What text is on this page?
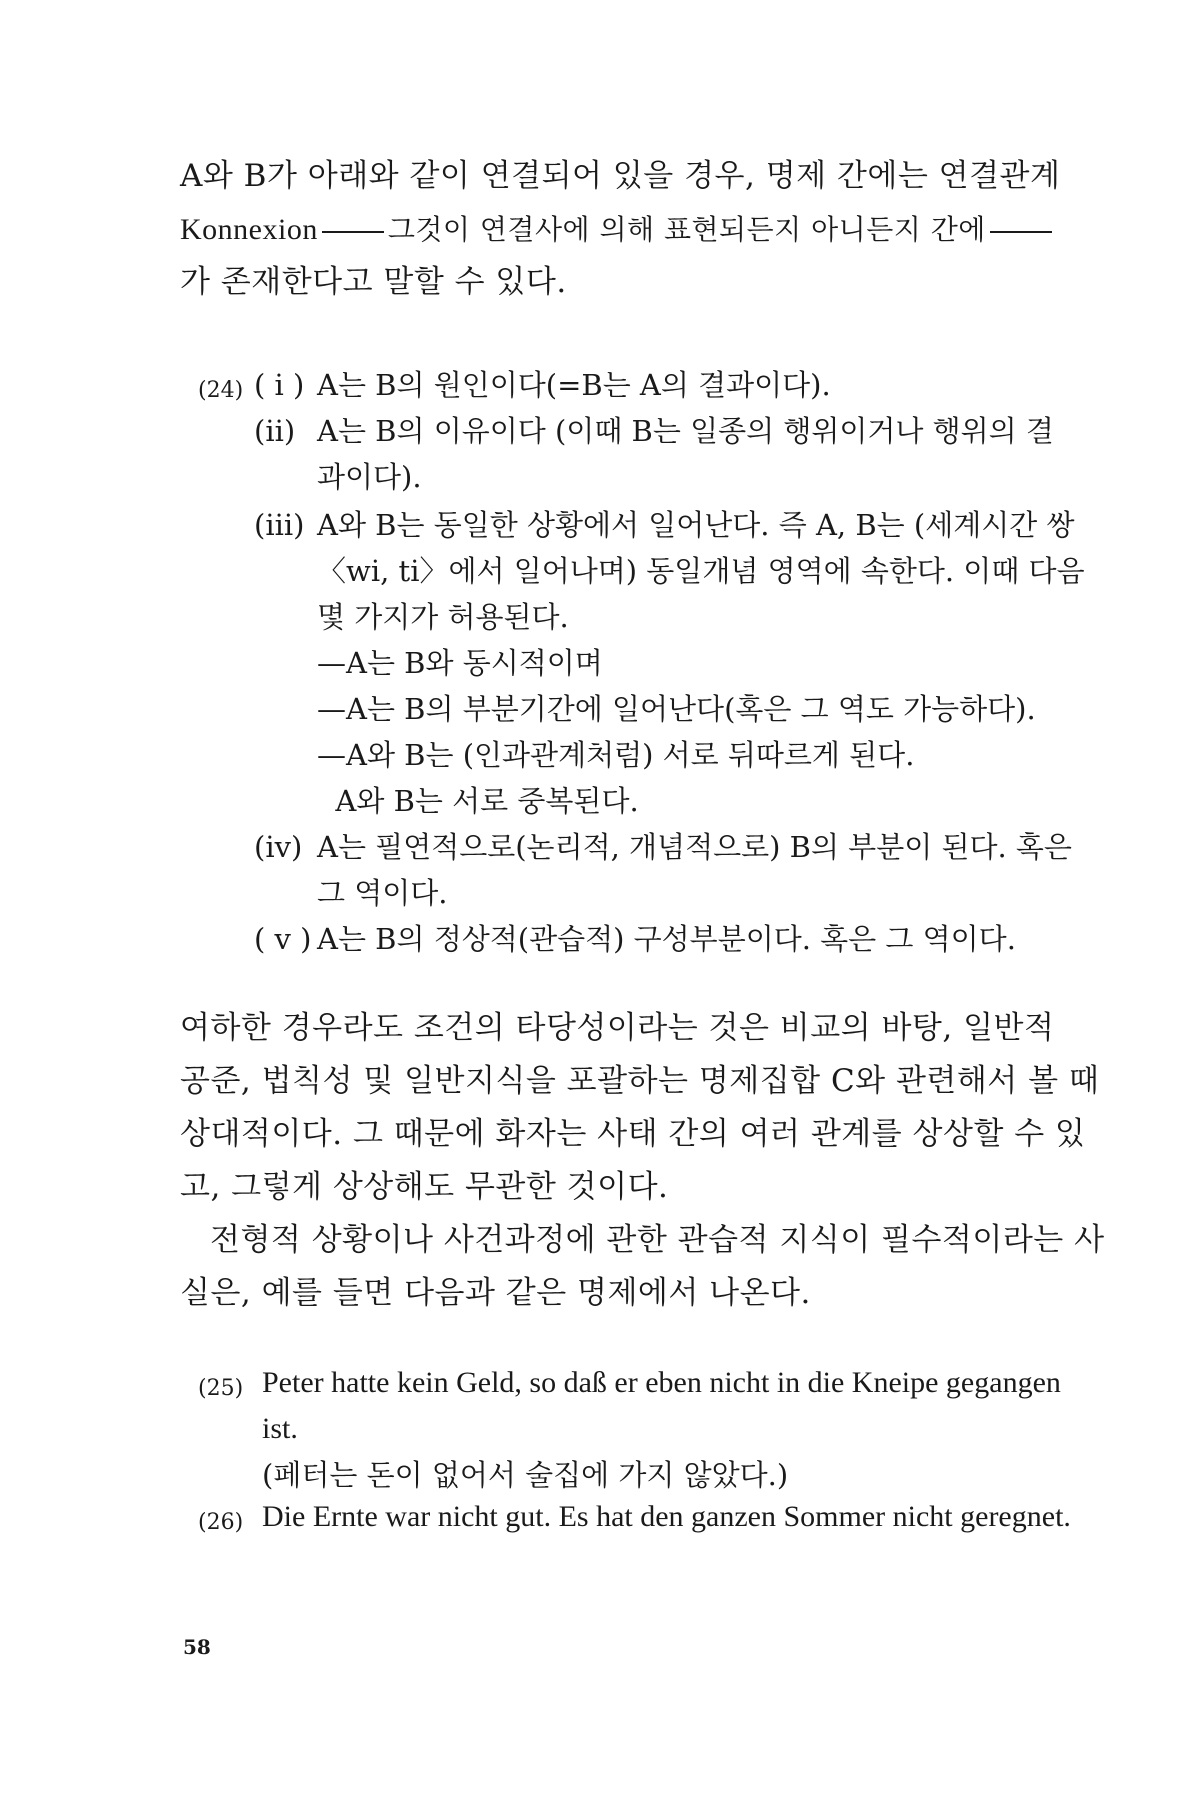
A와 B가 아래와 같이 연결되어 있을 경우, 명제 간에는 연결관계
Konnexion	그것이 연결사에 의해 표현되든지 아니든지 간에
가 존재한다고 말할 수 있다.
(24) ( i ) A는 B의 원인이다(=B는 A의 결과이다).
(ii) A는 B의 이유이다 (이때 B는 일종의 행위이거나 행위의 결
과이다).
(iii) A와 B는 동일한 상황에서 일어난다. 즉 A, B는 (세계시간 쌍
〈wi, ti〉에서 일어나며) 동일개념 영역에 속한다. 이때 다음
몇 가지가 허용된다.
—A는 B와 동시적이며
—A는 B의 부분기간에 일어난다(혹은 그 역도 가능하다).
—A와 B는 (인과관계처럼) 서로 뒤따르게 된다.
A와 B는 서로 중복된다.
(iv) A는 필연적으로(논리적, 개념적으로) B의 부분이 된다. 혹은
그 역이다.
( v ) A는 B의 정상적(관습적) 구성부분이다. 혹은 그 역이다.
여하한 경우라도 조건의 타당성이라는 것은 비교의 바탕, 일반적
공준, 법칙성 및 일반지식을 포괄하는 명제집합 C와 관련해서 볼 때
상대적이다. 그 때문에 화자는 사태 간의 여러 관계를 상상할 수 있
고, 그렇게 상상해도 무관한 것이다.
전형적 상황이나 사건과정에 관한 관습적 지식이 필수적이라는 사
실은, 예를 들면 다음과 같은 명제에서 나온다.
(25) Peter hatte kein Geld, so daß er eben nicht in die Kneipe gegangen
ist.
(페터는 돈이 없어서 술집에 가지 않았다.)
(26) Die Ernte war nicht gut. Es hat den ganzen Sommer nicht geregnet.
58
